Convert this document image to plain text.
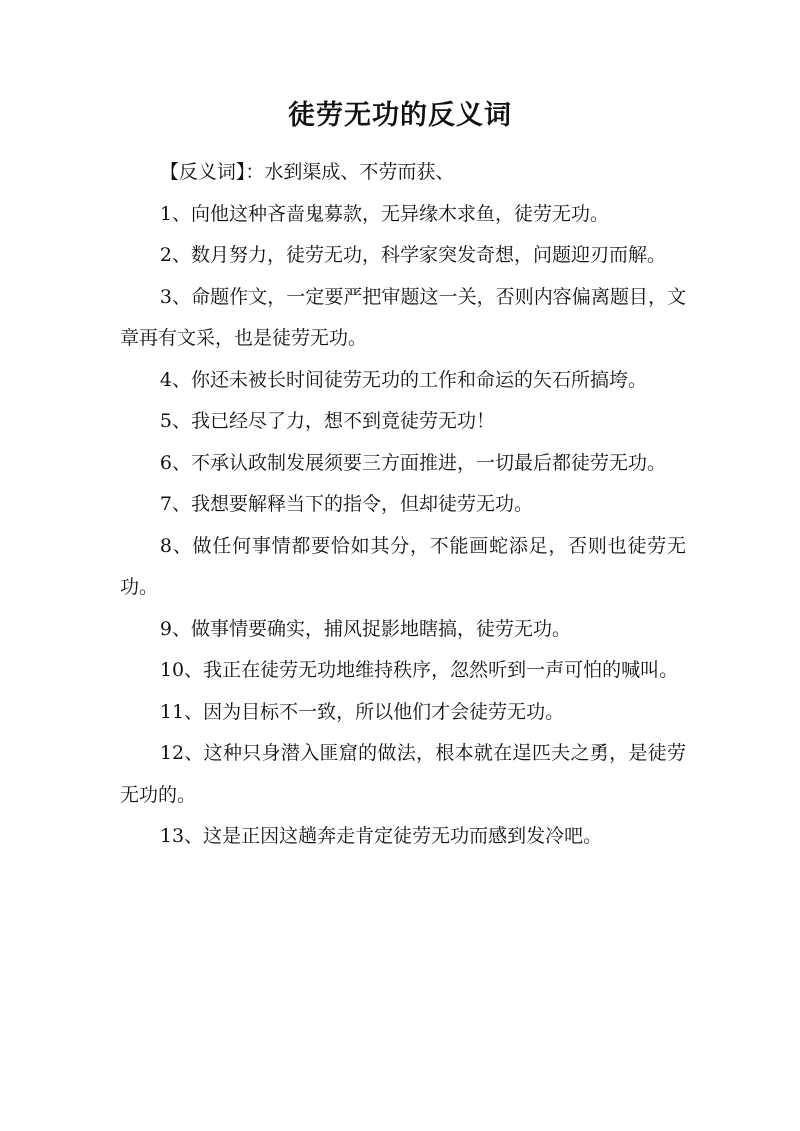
徒劳无功的反义词

【反义词】：水到渠成、不劳而获、

1、向他这种吝啬鬼募款，无异缘木求鱼，徒劳无功。

2、数月努力，徒劳无功，科学家突发奇想，问题迎刃而解。

3、命题作文，一定要严把审题这一关，否则内容偏离题目，文章再有文采，也是徒劳无功。

4、你还未被长时间徒劳无功的工作和命运的矢石所搞垮。

5、我已经尽了力，想不到竟徒劳无功！

6、不承认政制发展须要三方面推进，一切最后都徒劳无功。

7、我想要解释当下的指令，但却徒劳无功。

8、做任何事情都要恰如其分，不能画蛇添足，否则也徒劳无功。

9、做事情要确实，捕风捉影地瞎搞，徒劳无功。

10、我正在徒劳无功地维持秩序，忽然听到一声可怕的喊叫。

11、因为目标不一致，所以他们才会徒劳无功。

12、这种只身潜入匪窟的做法，根本就在逞匹夫之勇，是徒劳无功的。

13、这是正因这趟奔走肯定徒劳无功而感到发冷吧。
